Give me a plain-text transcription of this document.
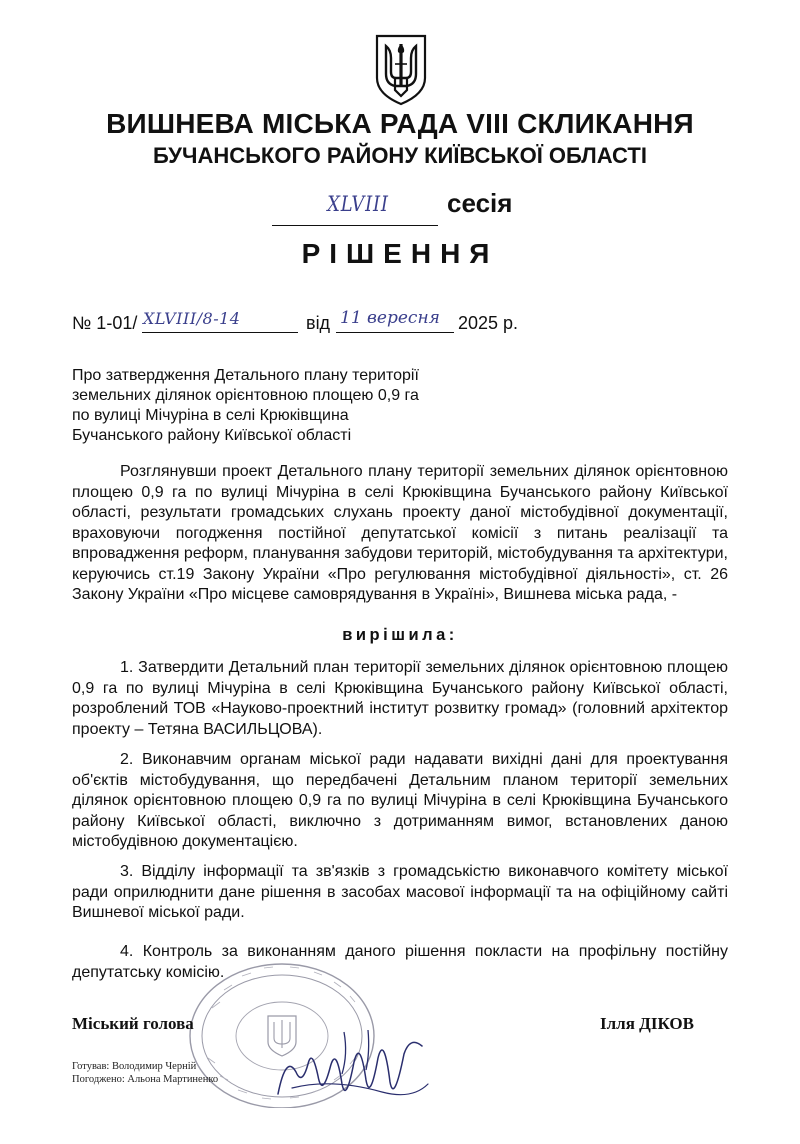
ВИШНЕВА МІСЬКА РАДА VIII СКЛИКАННЯ
БУЧАНСЬКОГО РАЙОНУ КИЇВСЬКОЇ ОБЛАСТІ
XLVIII	сесія
РІШЕННЯ
№ 1-01/ XLVIII/8-14	від 11 вересня 2025 р.
Про затвердження Детального плану території
земельних ділянок орієнтовною площею 0,9 га
по вулиці Мічуріна в селі Крюківщина
Бучанського району Київської області
Розглянувши проект Детального плану території земельних ділянок орієнтовною площею 0,9 га по вулиці Мічуріна в селі Крюківщина Бучанського району Київської області, результати громадських слухань проекту даної містобудівної документації, враховуючи погодження постійної депутатської комісії з питань реалізації та впровадження реформ, планування забудови територій, містобудування та архітектури, керуючись ст.19 Закону України «Про регулювання містобудівної діяльності», ст. 26 Закону України «Про місцеве самоврядування в Україні», Вишнева міська рада, -
вирішила:
1. Затвердити Детальний план території земельних ділянок орієнтовною площею 0,9 га по вулиці Мічуріна в селі Крюківщина Бучанського району Київської області, розроблений ТОВ «Науково-проектний інститут розвитку громад» (головний архітектор проекту – Тетяна ВАСИЛЬЦОВА).
2. Виконавчим органам міської ради надавати вихідні дані для проектування об'єктів містобудування, що передбачені Детальним планом території земельних ділянок орієнтовною площею 0,9 га по вулиці Мічуріна в селі Крюківщина Бучанського району Київської області, виключно з дотриманням вимог, встановлених даною містобудівною документацією.
3. Відділу інформації та зв'язків з громадськістю виконавчого комітету міської ради оприлюднити дане рішення в засобах масової інформації та на офіційному сайті Вишневої міської ради.
4. Контроль за виконанням даного рішення покласти на профільну постійну депутатську комісію.
Міський голова	Ілля ДІКОВ
Готував: Володимир Черній
Погоджено: Альона Мартиненко
